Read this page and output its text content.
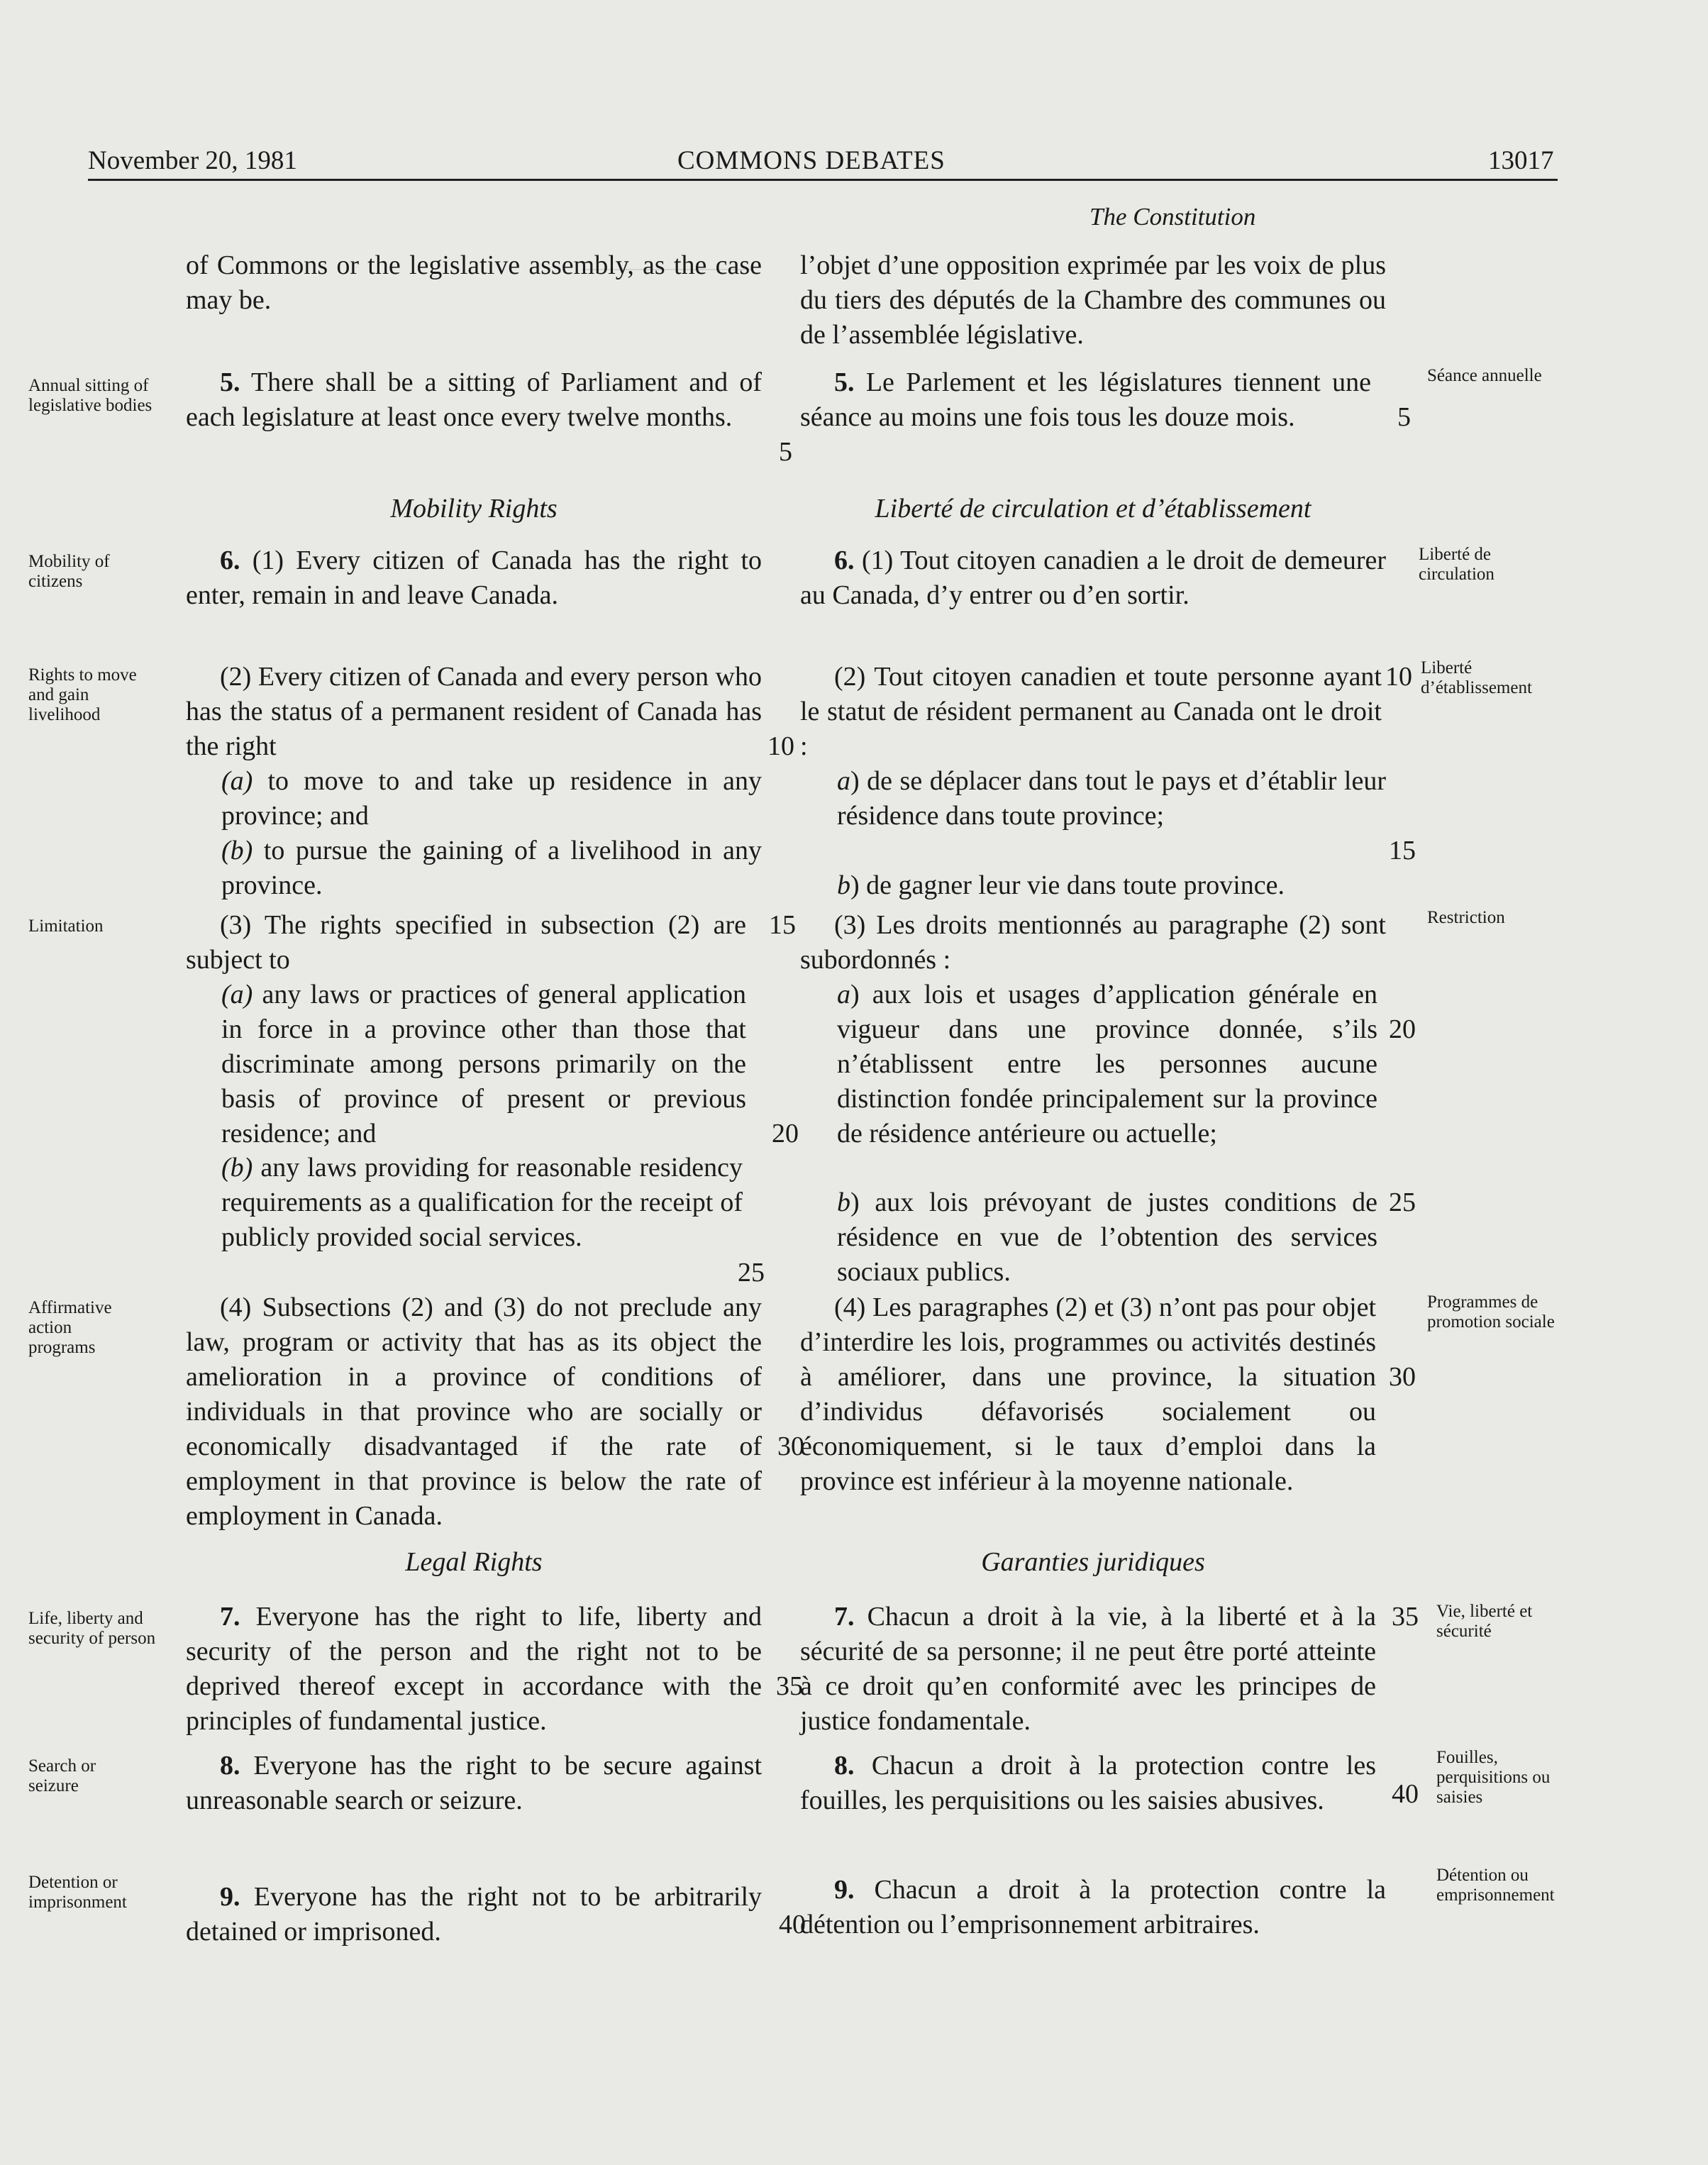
November 20, 1981	COMMONS DEBATES	13017
The Constitution
of Commons or the legislative assembly, as the case may be.
5. There shall be a sitting of Parliament and of each legislature at least once every twelve months.
Mobility Rights
6. (1) Every citizen of Canada has the right to enter, remain in and leave Canada.
(2) Every citizen of Canada and every person who has the status of a permanent resident of Canada has the right
(a) to move to and take up residence in any province; and
(b) to pursue the gaining of a livelihood in any province.
(3) The rights specified in subsection (2) are subject to
(a) any laws or practices of general application in force in a province other than those that discriminate among persons primarily on the basis of province of present or previous residence; and
(b) any laws providing for reasonable residency requirements as a qualification for the receipt of publicly provided social services.
(4) Subsections (2) and (3) do not preclude any law, program or activity that has as its object the amelioration in a province of conditions of individuals in that province who are socially or economically disadvantaged if the rate of employment in that province is below the rate of employment in Canada.
Legal Rights
7. Everyone has the right to life, liberty and security of the person and the right not to be deprived thereof except in accordance with the principles of fundamental justice.
8. Everyone has the right to be secure against unreasonable search or seizure.
9. Everyone has the right not to be arbitrarily detained or imprisoned.
l’objet d’une opposition exprimée par les voix de plus du tiers des députés de la Chambre des communes ou de l’assemblée législative.
5. Le Parlement et les législatures tiennent une séance au moins une fois tous les douze mois.
Liberté de circulation et d’établissement
6. (1) Tout citoyen canadien a le droit de demeurer au Canada, d’y entrer ou d’en sortir.
(2) Tout citoyen canadien et toute personne ayant le statut de résident permanent au Canada ont le droit :
a) de se déplacer dans tout le pays et d’établir leur résidence dans toute province;
b) de gagner leur vie dans toute province.
(3) Les droits mentionnés au paragraphe (2) sont subordonnés :
a) aux lois et usages d’application générale en vigueur dans une province donnée, s’ils n’établissent entre les personnes aucune distinction fondée principalement sur la province de résidence antérieure ou actuelle;
b) aux lois prévoyant de justes conditions de résidence en vue de l’obtention des services sociaux publics.
(4) Les paragraphes (2) et (3) n’ont pas pour objet d’interdire les lois, programmes ou activités destinés à améliorer, dans une province, la situation d’individus défavorisés socialement ou économiquement, si le taux d’emploi dans la province est inférieur à la moyenne nationale.
Garanties juridiques
7. Chacun a droit à la vie, à la liberté et à la sécurité de sa personne; il ne peut être porté atteinte à ce droit qu’en conformité avec les principes de justice fondamentale.
8. Chacun a droit à la protection contre les fouilles, les perquisitions ou les saisies abusives.
9. Chacun a droit à la protection contre la détention ou l’emprisonnement arbitraires.
Annual sitting of legislative bodies
Mobility of citizens
Rights to move and gain livelihood
Limitation
Affirmative action programs
Life, liberty and security of person
Search or seizure
Detention or imprisonment
Séance annuelle
Liberté de circulation
Liberté d’établissement
Restriction
Programmes de promotion sociale
Vie, liberté et sécurité
Fouilles, perquisitions ou saisies
Détention ou emprisonnement
5
5
10
10
15
15
20
20
25
25
30
30
35
35
40
40
